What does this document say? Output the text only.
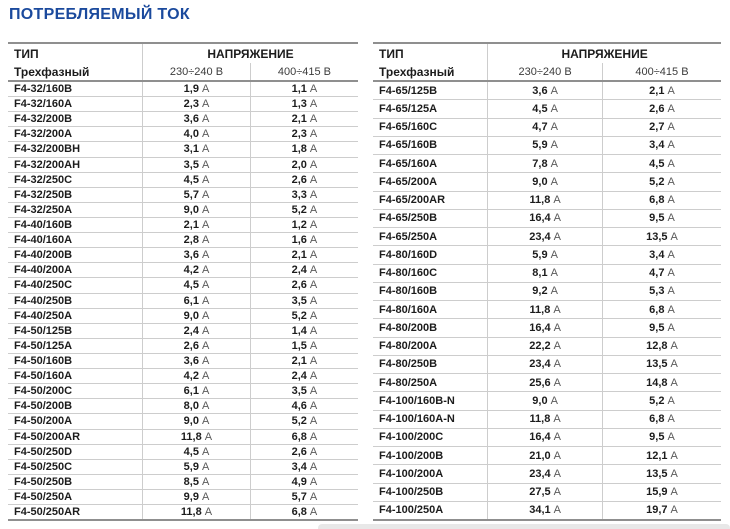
ПОТРЕБЛЯЕМЫЙ ТОК
ТИП	НАПРЯЖЕНИЕ
Трехфазный	230÷240 В	400÷415 В
F4-32/160B	1,9 А	1,1 А
F4-32/160A	2,3 А	1,3 А
F4-32/200B	3,6 А	2,1 А
F4-32/200A	4,0 А	2,3 А
F4-32/200BH	3,1 А	1,8 А
F4-32/200AH	3,5 А	2,0 А
F4-32/250C	4,5 А	2,6 А
F4-32/250B	5,7 А	3,3 А
F4-32/250A	9,0 А	5,2 А
F4-40/160B	2,1 А	1,2 А
F4-40/160A	2,8 А	1,6 А
F4-40/200B	3,6 А	2,1 А
F4-40/200A	4,2 А	2,4 А
F4-40/250C	4,5 А	2,6 А
F4-40/250B	6,1 А	3,5 А
F4-40/250A	9,0 А	5,2 А
F4-50/125B	2,4 А	1,4 А
F4-50/125A	2,6 А	1,5 А
F4-50/160B	3,6 А	2,1 А
F4-50/160A	4,2 А	2,4 А
F4-50/200C	6,1 А	3,5 А
F4-50/200B	8,0 А	4,6 А
F4-50/200A	9,0 А	5,2 А
F4-50/200AR	11,8 А	6,8 А
F4-50/250D	4,5 А	2,6 А
F4-50/250C	5,9 А	3,4 А
F4-50/250B	8,5 А	4,9 А
F4-50/250A	9,9 А	5,7 А
F4-50/250AR	11,8 А	6,8 А
ТИП	НАПРЯЖЕНИЕ
Трехфазный	230÷240 В	400÷415 В
F4-65/125B	3,6 А	2,1 А
F4-65/125A	4,5 А	2,6 А
F4-65/160C	4,7 А	2,7 А
F4-65/160B	5,9 А	3,4 А
F4-65/160A	7,8 А	4,5 А
F4-65/200A	9,0 А	5,2 А
F4-65/200AR	11,8 А	6,8 А
F4-65/250B	16,4 А	9,5 А
F4-65/250A	23,4 А	13,5 А
F4-80/160D	5,9 А	3,4 А
F4-80/160C	8,1 А	4,7 А
F4-80/160B	9,2 А	5,3 А
F4-80/160A	11,8 А	6,8 А
F4-80/200B	16,4 А	9,5 А
F4-80/200A	22,2 А	12,8 А
F4-80/250B	23,4 А	13,5 А
F4-80/250A	25,6 А	14,8 А
F4-100/160B-N	9,0 А	5,2 А
F4-100/160A-N	11,8 А	6,8 А
F4-100/200C	16,4 А	9,5 А
F4-100/200B	21,0 А	12,1 А
F4-100/200A	23,4 А	13,5 А
F4-100/250B	27,5 А	15,9 А
F4-100/250A	34,1 А	19,7 А
